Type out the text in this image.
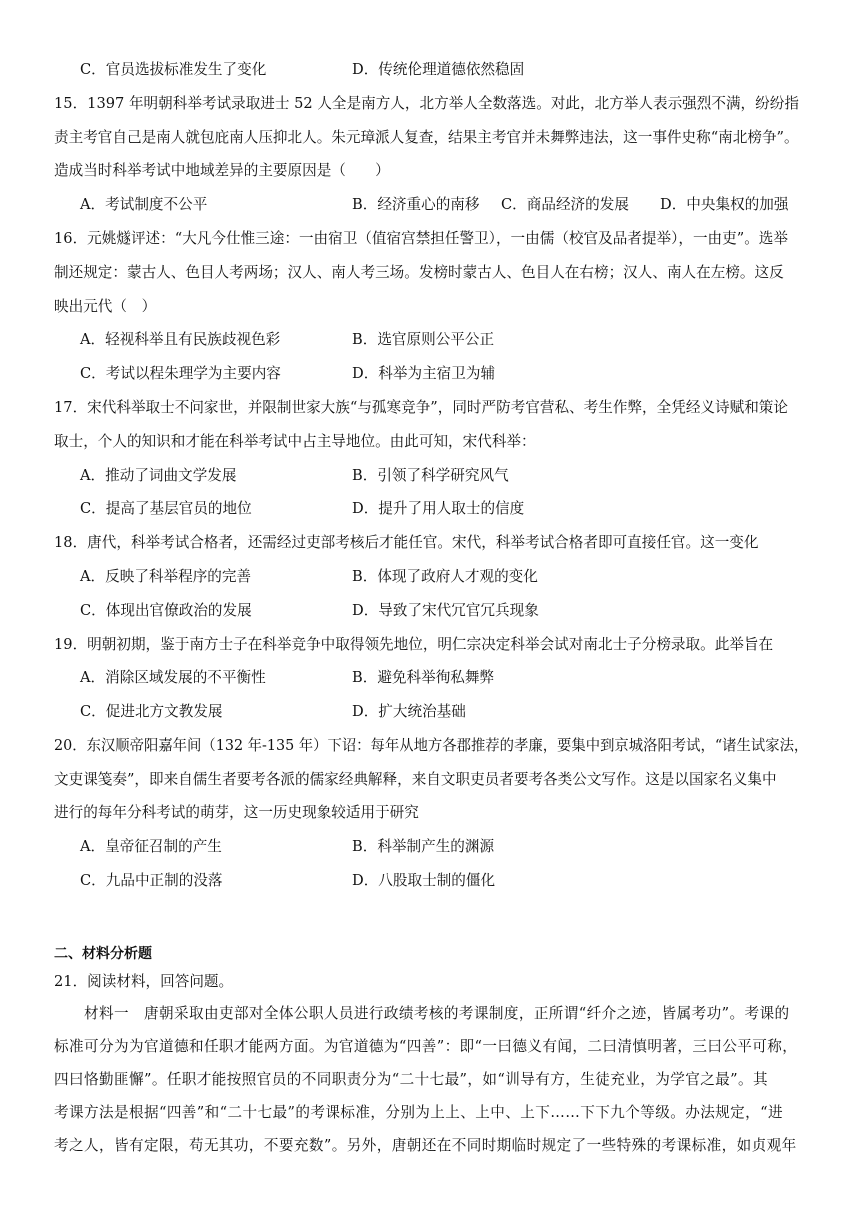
C．官员选拔标准发生了变化	D．传统伦理道德依然稳固
15．1397 年明朝科举考试录取进士 52 人全是南方人，北方举人全数落选。对此，北方举人表示强烈不满，纷纷指
责主考官自己是南人就包庇南人压抑北人。朱元璋派人复查，结果主考官并未舞弊违法，这一事件史称“南北榜争”。
造成当时科举考试中地域差异的主要原因是（　　）
A．考试制度不公平	B．经济重心的南移 C．商品经济的发展 D．中央集权的加强
16．元姚燧评述：“大凡今仕惟三途：一由宿卫（值宿宫禁担任警卫），一由儒（校官及品者提举），一由吏”。选举
制还规定：蒙古人、色目人考两场；汉人、南人考三场。发榜时蒙古人、色目人在右榜；汉人、南人在左榜。这反
映出元代（　）
A．轻视科举且有民族歧视色彩	B．选官原则公平公正
C．考试以程朱理学为主要内容	D．科举为主宿卫为辅
17．宋代科举取士不问家世，并限制世家大族“与孤寒竞争”，同时严防考官营私、考生作弊，全凭经义诗赋和策论
取士，个人的知识和才能在科举考试中占主导地位。由此可知，宋代科举：
A．推动了词曲文学发展	B．引领了科学研究风气
C．提高了基层官员的地位	D．提升了用人取士的信度
18．唐代，科举考试合格者，还需经过吏部考核后才能任官。宋代，科举考试合格者即可直接任官。这一变化
A．反映了科举程序的完善	B．体现了政府人才观的变化
C．体现出官僚政治的发展	D．导致了宋代冗官冗兵现象
19．明朝初期，鉴于南方士子在科举竞争中取得领先地位，明仁宗决定科举会试对南北士子分榜录取。此举旨在
A．消除区域发展的不平衡性	B．避免科举徇私舞弊
C．促进北方文教发展	D．扩大统治基础
20．东汉顺帝阳嘉年间（132 年-135 年）下诏：每年从地方各郡推荐的孝廉，要集中到京城洛阳考试，“诸生试家法，
文吏课笺奏”，即来自儒生者要考各派的儒家经典解释，来自文职吏员者要考各类公文写作。这是以国家名义集中
进行的每年分科考试的萌芽，这一历史现象较适用于研究
A．皇帝征召制的产生	B．科举制产生的渊源
C．九品中正制的没落	D．八股取士制的僵化
二、材料分析题
21．阅读材料，回答问题。
材料一　唐朝采取由吏部对全体公职人员进行政绩考核的考课制度，正所谓“纤介之迹，皆属考功”。考课的
标准可分为为官道德和任职才能两方面。为官道德为“四善”：即“一曰德义有闻，二曰清慎明著，三曰公平可称，
四曰恪勤匪懈”。任职才能按照官员的不同职责分为“二十七最”，如“训导有方，生徒充业，为学官之最”。其
考课方法是根据“四善”和“二十七最”的考课标准，分别为上上、上中、上下……下下九个等级。办法规定，“进
考之人，皆有定限，苟无其功，不要充数”。另外，唐朝还在不同时期临时规定了一些特殊的考课标准，如贞观年
